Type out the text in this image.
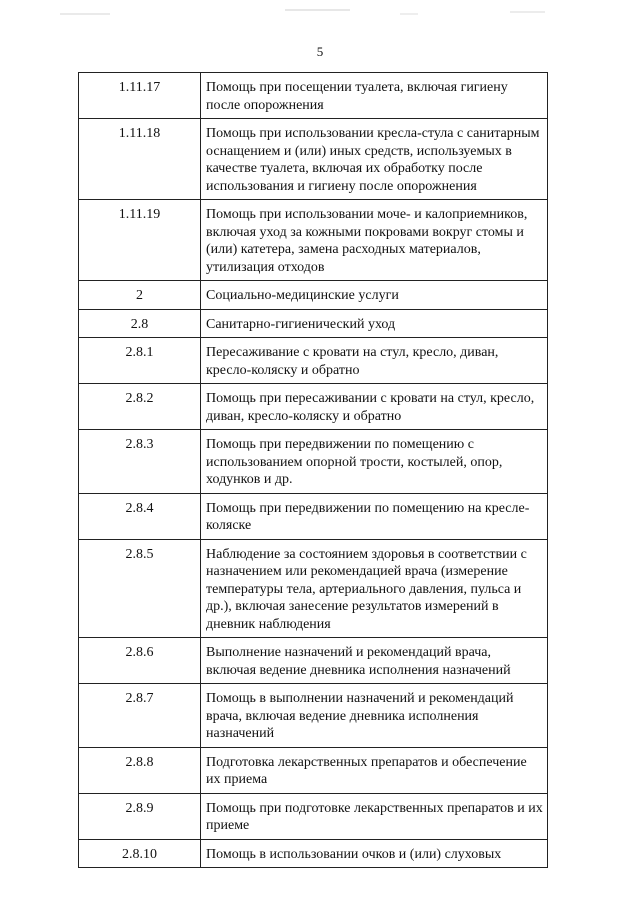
5
1.11.17	Помощь при посещении туалета, включая гигиену после опорожнения
1.11.18	Помощь при использовании кресла-стула с санитарным оснащением и (или) иных средств, используемых в качестве туалета, включая их обработку после использования и гигиену после опорожнения
1.11.19	Помощь при использовании моче- и калоприемников, включая уход за кожными покровами вокруг стомы и (или) катетера, замена расходных материалов, утилизация отходов
2	Социально-медицинские услуги
2.8	Санитарно-гигиенический уход
2.8.1	Пересаживание с кровати на стул, кресло, диван, кресло-коляску и обратно
2.8.2	Помощь при пересаживании с кровати на стул, кресло, диван, кресло-коляску и обратно
2.8.3	Помощь при передвижении по помещению с использованием опорной трости, костылей, опор, ходунков и др.
2.8.4	Помощь при передвижении по помещению на кресле-коляске
2.8.5	Наблюдение за состоянием здоровья в соответствии с назначением или рекомендацией врача (измерение температуры тела, артериального давления, пульса и др.), включая занесение результатов измерений в дневник наблюдения
2.8.6	Выполнение назначений и рекомендаций врача, включая ведение дневника исполнения назначений
2.8.7	Помощь в выполнении назначений и рекомендаций врача, включая ведение дневника исполнения назначений
2.8.8	Подготовка лекарственных препаратов и обеспечение их приема
2.8.9	Помощь при подготовке лекарственных препаратов и их приеме
2.8.10	Помощь в использовании очков и (или) слуховых
